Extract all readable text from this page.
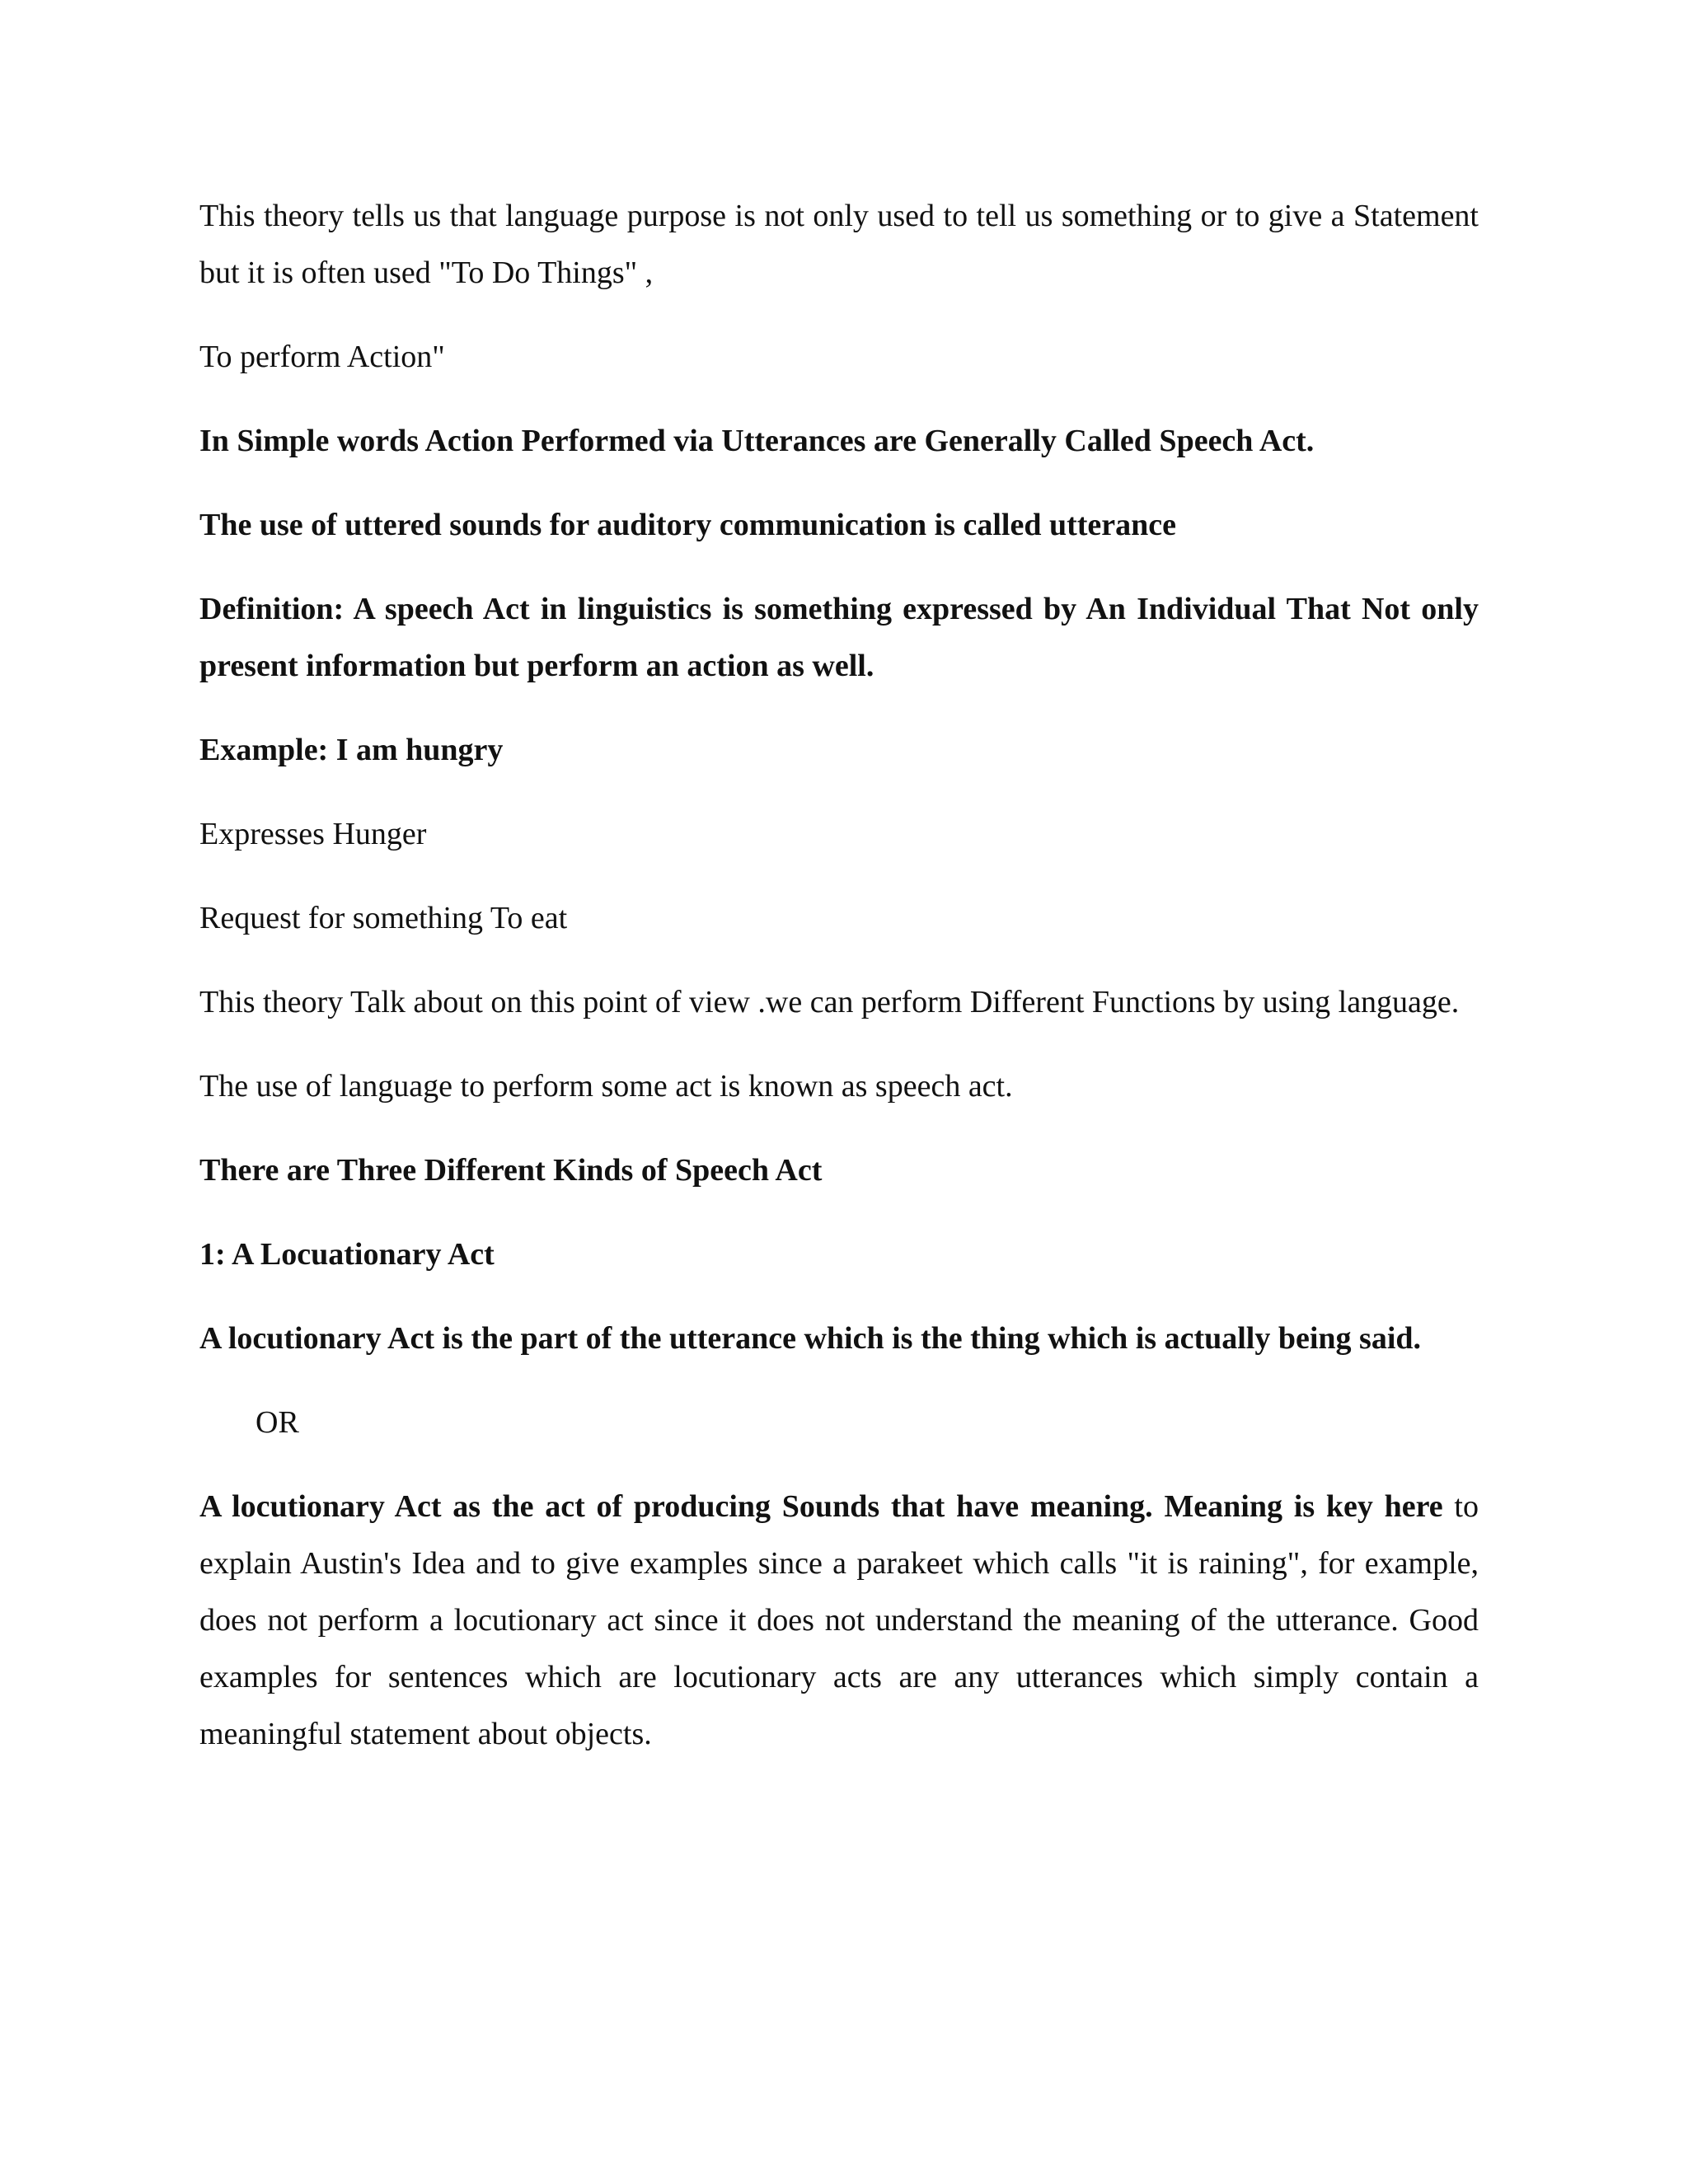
This theory tells us that language purpose is not only used to tell us something or to give a Statement but it is often used "To Do Things" ,

To perform Action"

In Simple words Action Performed via Utterances are Generally Called Speech Act.

The use of uttered sounds for auditory communication is called utterance

Definition: A speech Act in linguistics is something expressed by An Individual That Not only present information but perform an action as well.

Example: I am hungry

Expresses Hunger

Request for something To eat

This theory Talk about on this point of view .we can perform Different Functions by using language.

The use of language to perform some act is known as speech act.

There are Three Different Kinds of Speech Act

1: A Locuationary Act

A locutionary Act is the part of the utterance which is the thing which is actually being said.

OR

A locutionary Act as the act of producing Sounds that have meaning. Meaning is key here to explain Austin's Idea and to give examples since a parakeet which calls "it is raining", for example, does not perform a locutionary act since it does not understand the meaning of the utterance. Good examples for sentences which are locutionary acts are any utterances which simply contain a meaningful statement about objects.
